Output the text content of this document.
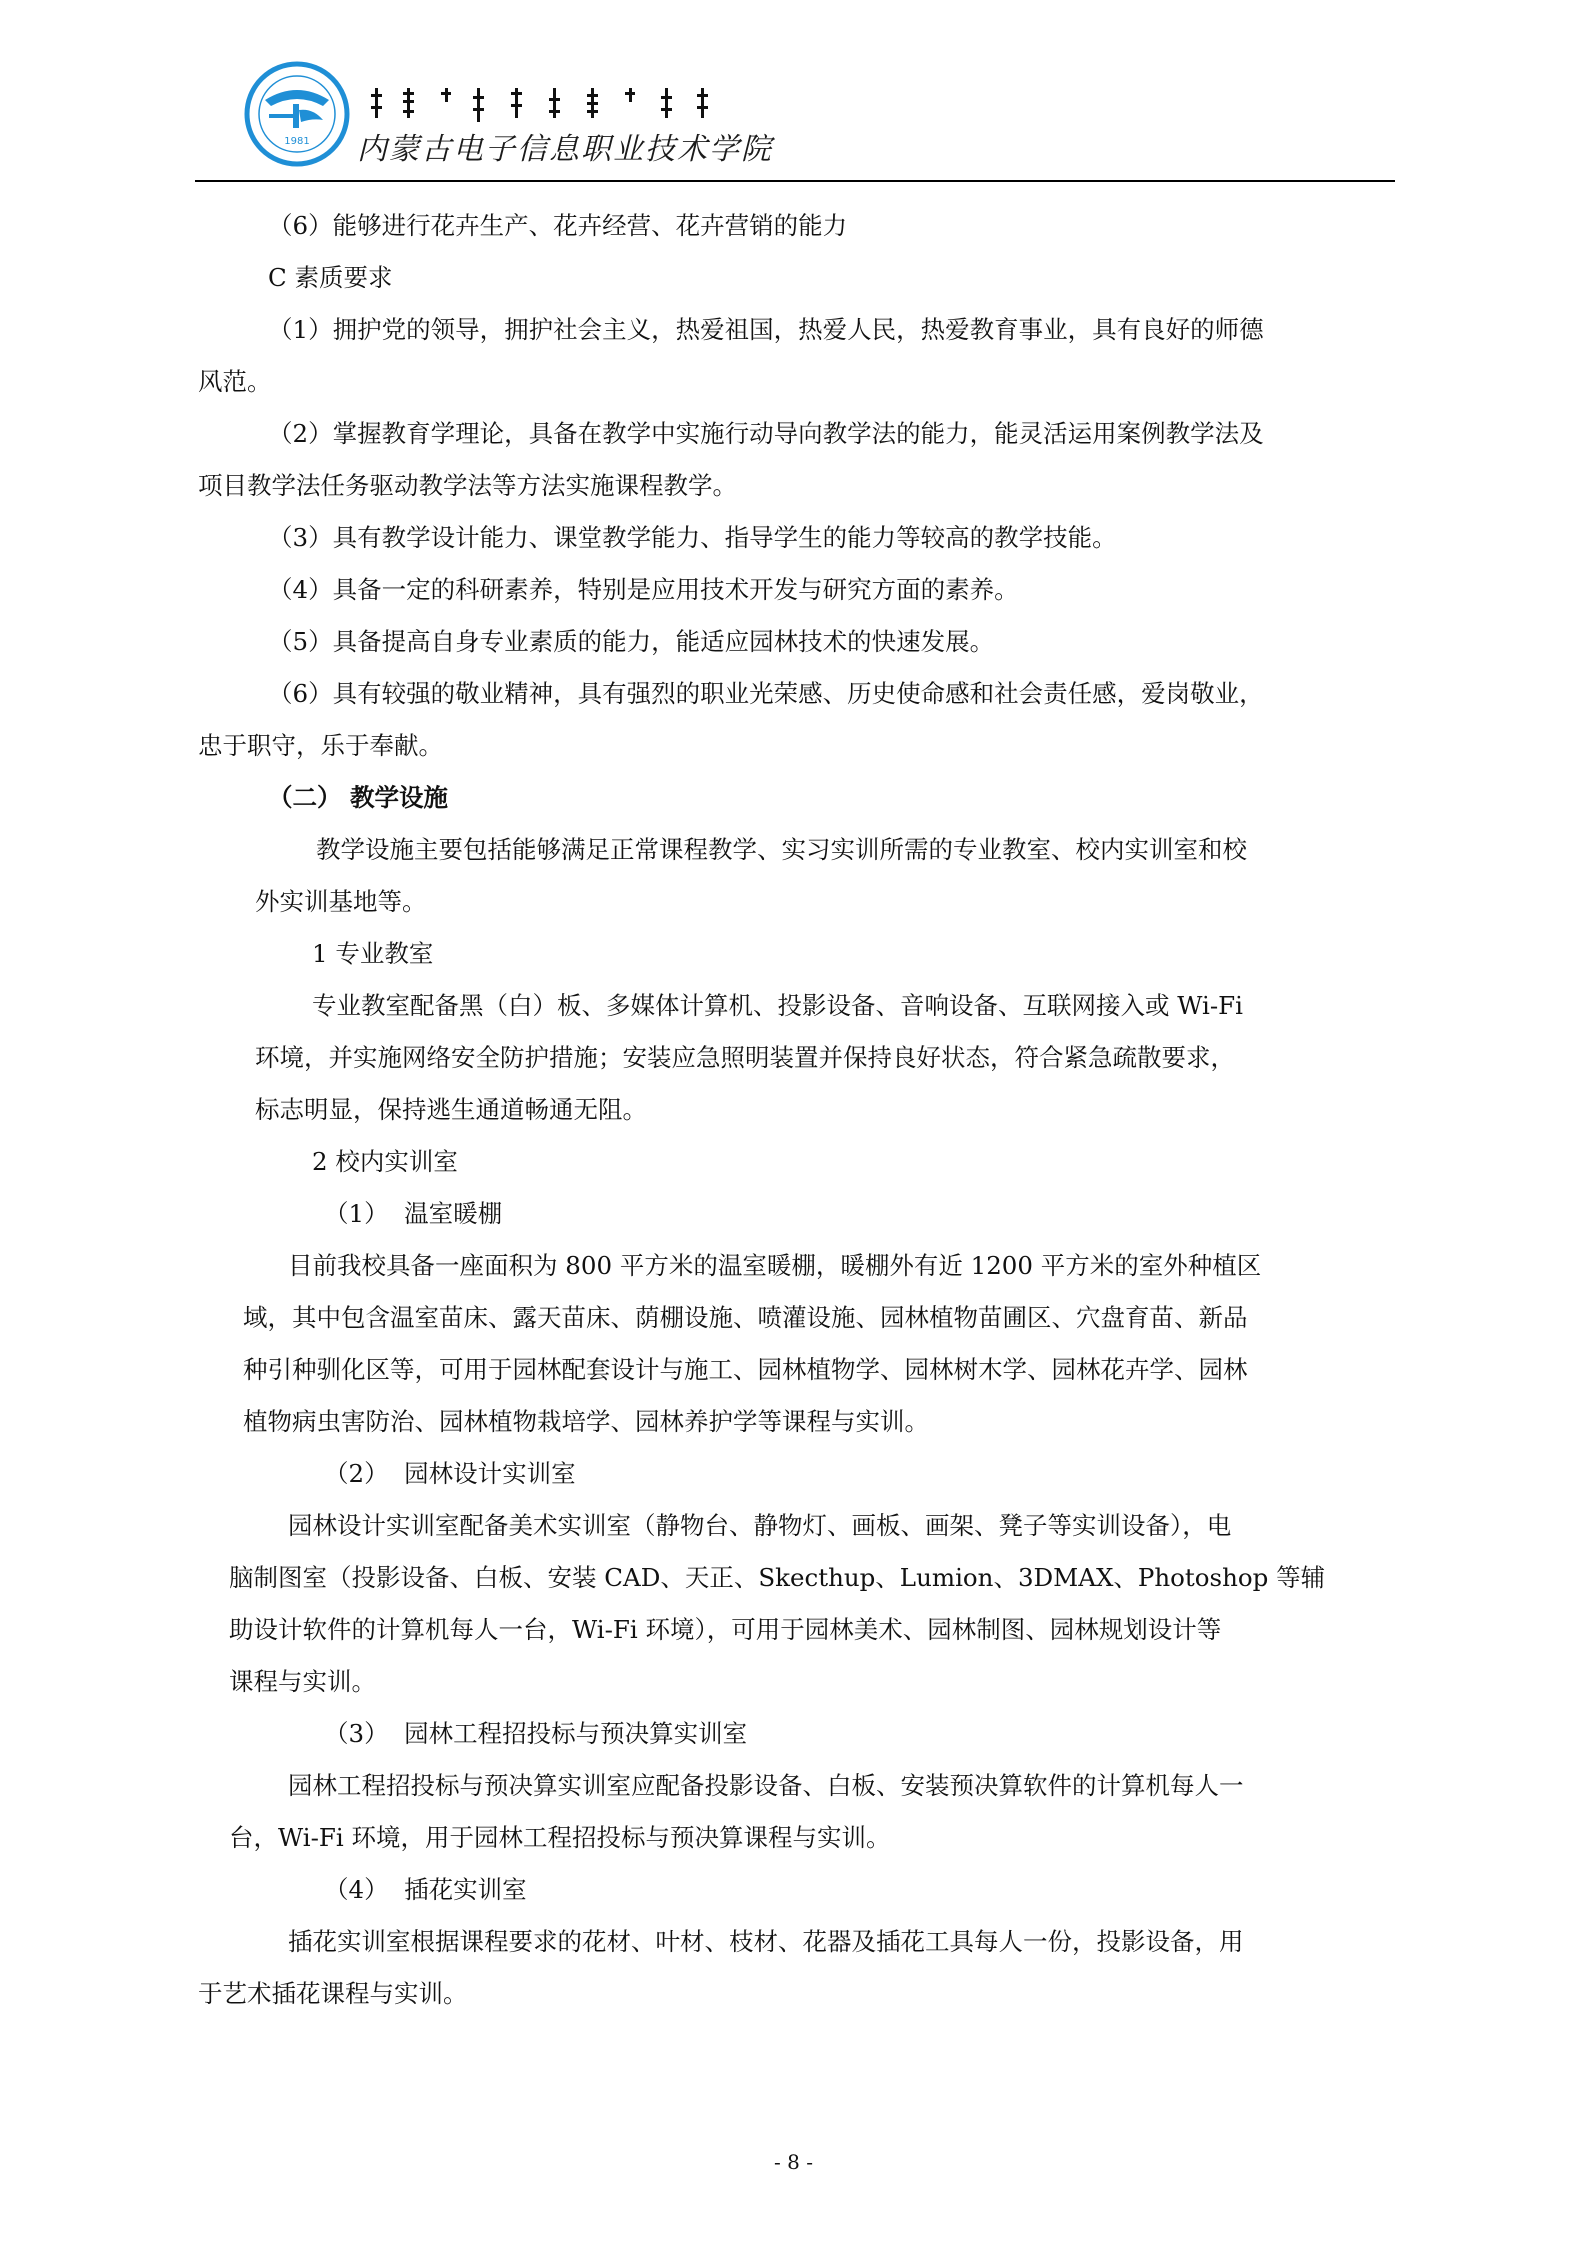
1981 内蒙古电子信息职业技术学院

（6）能够进行花卉生产、花卉经营、花卉营销的能力

C 素质要求

（1）拥护党的领导，拥护社会主义，热爱祖国，热爱人民，热爱教育事业，具有良好的师德

风范。

（2）掌握教育学理论，具备在教学中实施行动导向教学法的能力，能灵活运用案例教学法及

项目教学法任务驱动教学法等方法实施课程教学。

（3）具有教学设计能力、课堂教学能力、指导学生的能力等较高的教学技能。

（4）具备一定的科研素养，特别是应用技术开发与研究方面的素养。

（5）具备提高自身专业素质的能力，能适应园林技术的快速发展。

（6）具有较强的敬业精神，具有强烈的职业光荣感、历史使命感和社会责任感，爱岗敬业，

忠于职守，乐于奉献。

（二） 教学设施

教学设施主要包括能够满足正常课程教学、实习实训所需的专业教室、校内实训室和校

外实训基地等。

1 专业教室

专业教室配备黑（白）板、多媒体计算机、投影设备、音响设备、互联网接入或 Wi-Fi

环境，并实施网络安全防护措施；安装应急照明装置并保持良好状态，符合紧急疏散要求，

标志明显，保持逃生通道畅通无阻。

2 校内实训室

（1）  温室暖棚

目前我校具备一座面积为 800 平方米的温室暖棚，暖棚外有近 1200 平方米的室外种植区

域，其中包含温室苗床、露天苗床、荫棚设施、喷灌设施、园林植物苗圃区、穴盘育苗、新品

种引种驯化区等，可用于园林配套设计与施工、园林植物学、园林树木学、园林花卉学、园林

植物病虫害防治、园林植物栽培学、园林养护学等课程与实训。

（2）  园林设计实训室

园林设计实训室配备美术实训室（静物台、静物灯、画板、画架、凳子等实训设备），电

脑制图室（投影设备、白板、安装 CAD、天正、Skecthup、Lumion、3DMAX、Photoshop 等辅

助设计软件的计算机每人一台，Wi-Fi 环境），可用于园林美术、园林制图、园林规划设计等

课程与实训。

（3）  园林工程招投标与预决算实训室

园林工程招投标与预决算实训室应配备投影设备、白板、安装预决算软件的计算机每人一

台，Wi-Fi 环境，用于园林工程招投标与预决算课程与实训。

（4）  插花实训室

插花实训室根据课程要求的花材、叶材、枝材、花器及插花工具每人一份，投影设备，用

于艺术插花课程与实训。

- 8 -
